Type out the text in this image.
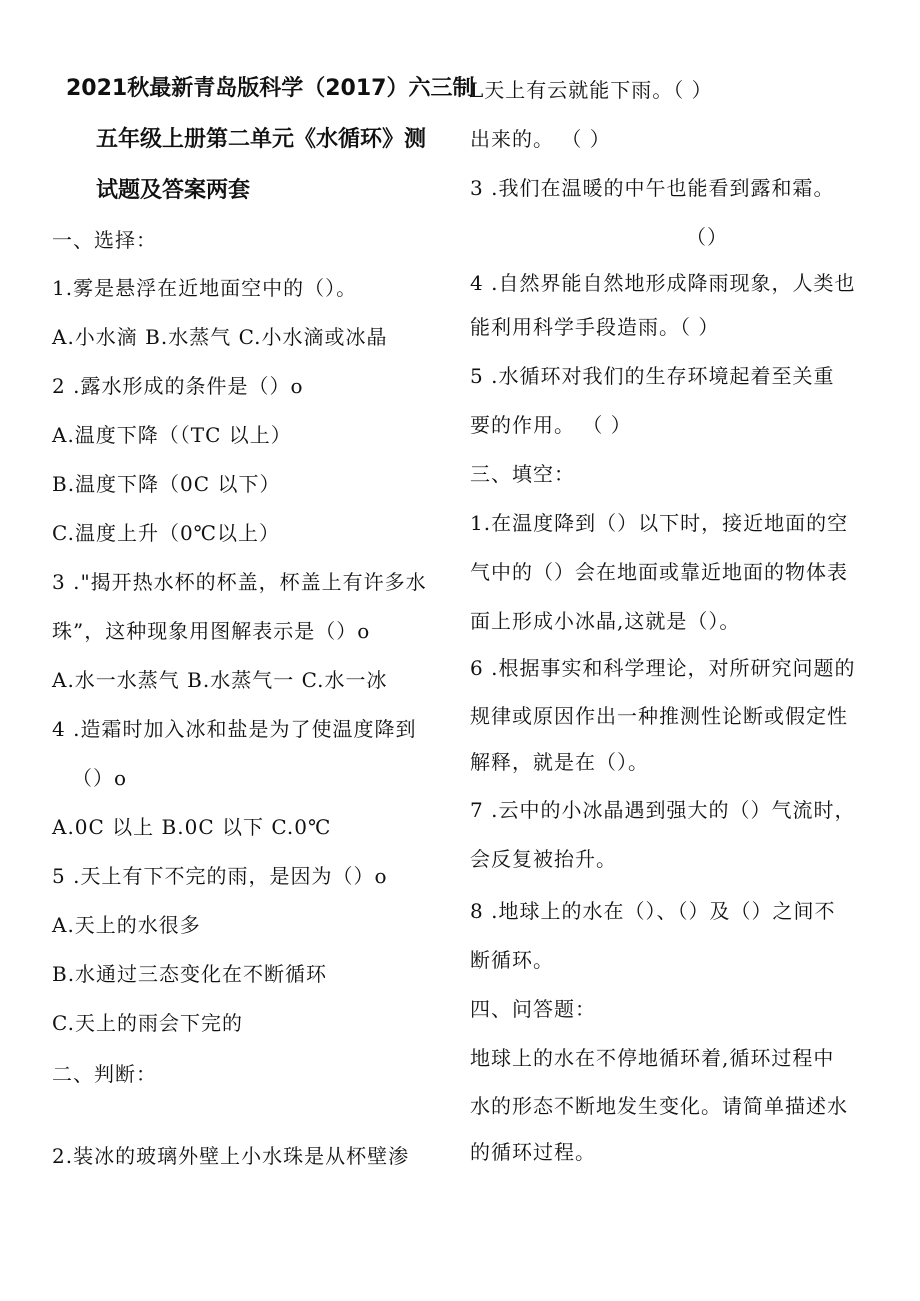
2021秋最新青岛版科学（2017）六三制
五年级上册第二单元《水循环》测
试题及答案两套
一、选择：
1.雾是悬浮在近地面空中的（）。
A.小水滴 B.水蒸气 C.小水滴或冰晶
2 .露水形成的条件是（）o
A.温度下降（（TC 以上）
B.温度下降（0C 以下）
C.温度上升（0℃以上）
3 ."揭开热水杯的杯盖，杯盖上有许多水
珠”，这种现象用图解表示是（）o
A.水一水蒸气 B.水蒸气一 C.水一冰
4 .造霜时加入冰和盐是为了使温度降到
（）o
A.0C 以上 B.0C 以下 C.0℃
5 .天上有下不完的雨，是因为（）o
A.天上的水很多
B.水通过三态变化在不断循环
C.天上的雨会下完的
二、判断：
2.装冰的玻璃外壁上小水珠是从杯壁渗
L天上有云就能下雨。（ ）
出来的。 （ ）
3 .我们在温暖的中午也能看到露和霜。
（）
4 .自然界能自然地形成降雨现象，人类也
能利用科学手段造雨。（ ）
5 .水循环对我们的生存环境起着至关重
要的作用。 （ ）
三、填空：
1.在温度降到（）以下时，接近地面的空
气中的（）会在地面或靠近地面的物体表
面上形成小冰晶,这就是（）。
6 .根据事实和科学理论，对所研究问题的
规律或原因作出一种推测性论断或假定性
解释，就是在（）。
7 .云中的小冰晶遇到强大的（）气流时，
会反复被抬升。
8 .地球上的水在（）、（）及（）之间不
断循环。
四、问答题：
地球上的水在不停地循环着,循环过程中
水的形态不断地发生变化。请简单描述水
的循环过程。
